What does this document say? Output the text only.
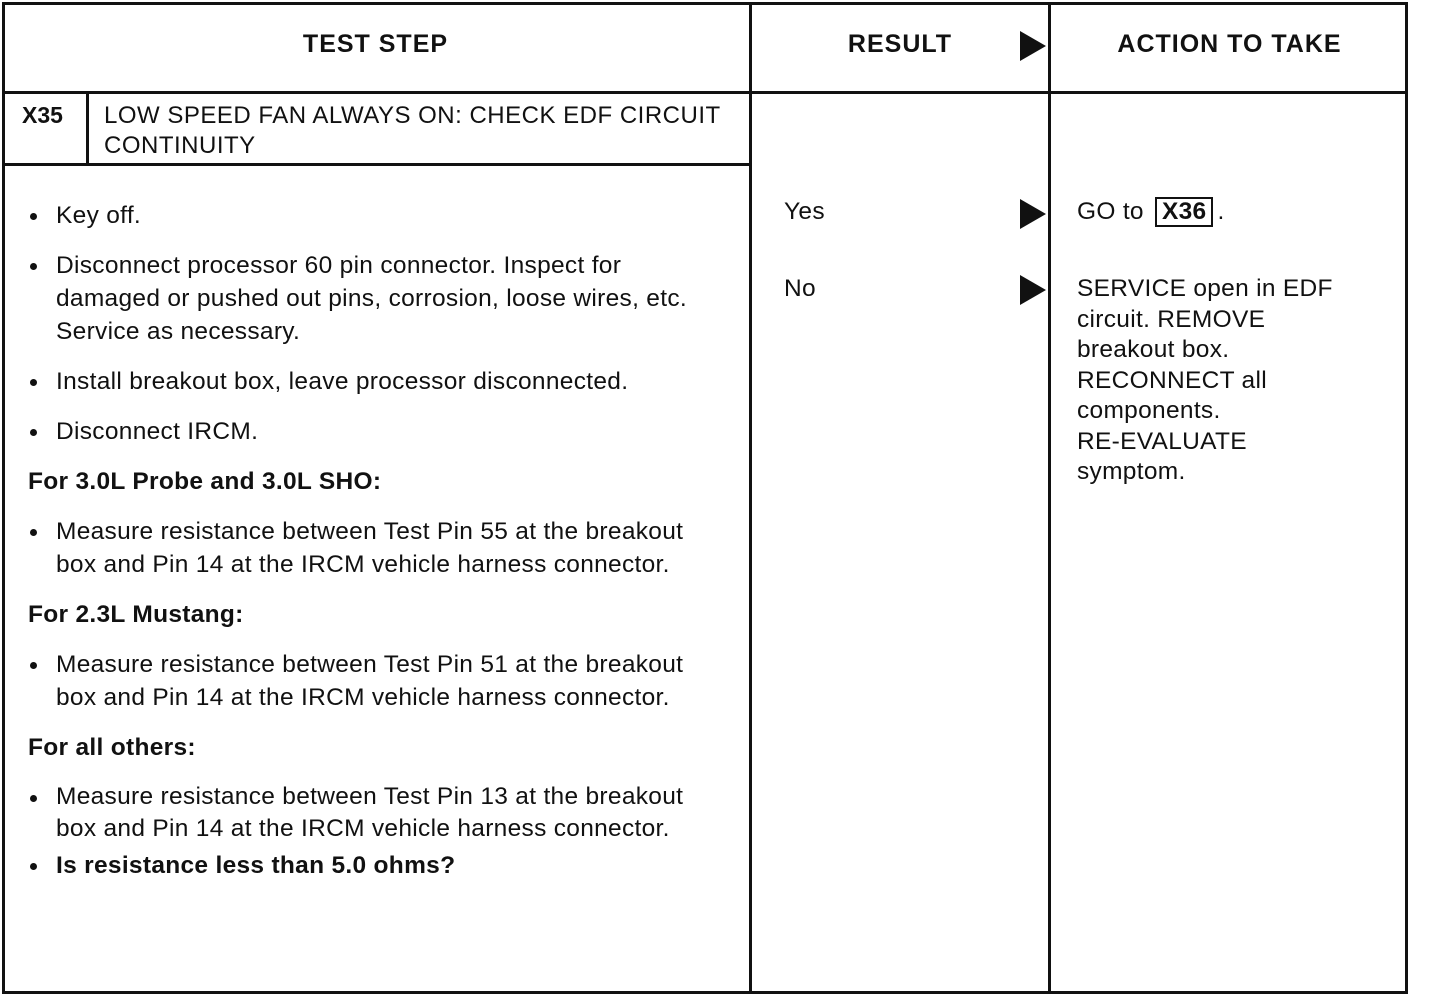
TEST STEP	RESULT	ACTION TO TAKE
X35 LOW SPEED FAN ALWAYS ON: CHECK EDF CIRCUIT CONTINUITY
Key off.
Disconnect processor 60 pin connector. Inspect for damaged or pushed out pins, corrosion, loose wires, etc. Service as necessary.
Install breakout box, leave processor disconnected.
Disconnect IRCM.
For 3.0L Probe and 3.0L SHO:
Measure resistance between Test Pin 55 at the breakout box and Pin 14 at the IRCM vehicle harness connector.
For 2.3L Mustang:
Measure resistance between Test Pin 51 at the breakout box and Pin 14 at the IRCM vehicle harness connector.
For all others:
Measure resistance between Test Pin 13 at the breakout box and Pin 14 at the IRCM vehicle harness connector.
Is resistance less than 5.0 ohms?
Yes
No
GO to X36 .
SERVICE open in EDF
circuit. REMOVE
breakout box.
RECONNECT all
components.
RE-EVALUATE
symptom.
